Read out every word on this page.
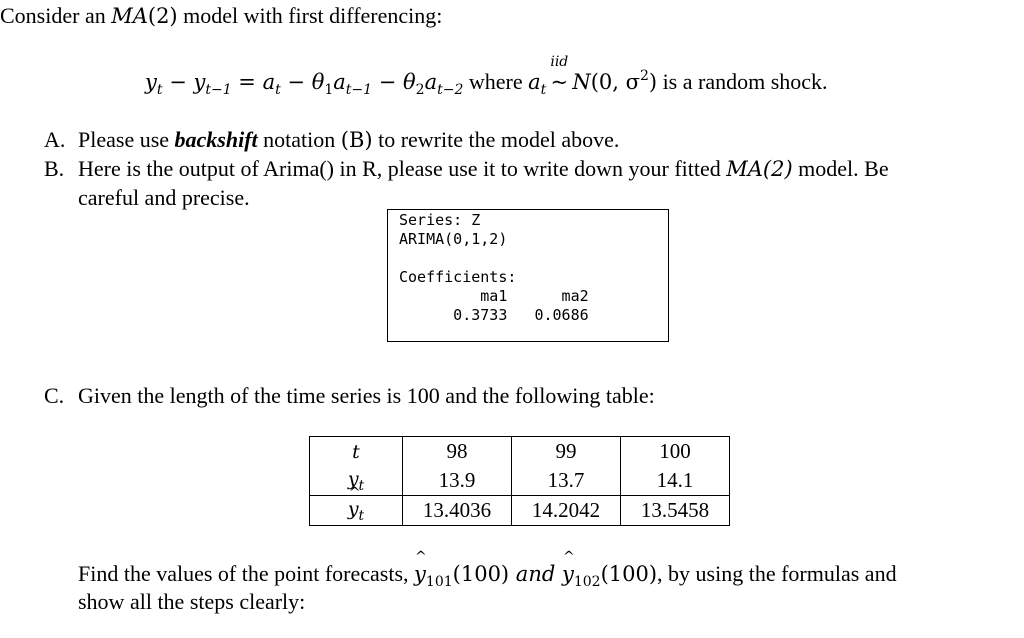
Consider an MA(2) model with first differencing:
$y_t - y_{t-1} = a_t - \theta_1a_{t-1} - \theta_2a_{t-2}$ where $a_t$
iid
~ N(0, $\sigma^2$) is a random shock.
A. Please use backshift notation (B) to rewrite the model above.
B. Here is the output of Arima() in R, please use it to write down your fitted MA(2) model. Be
careful and precise.
Series: Z
ARIMA(0,1,2)
Coefficients:
ma1      ma2
0.3733   0.0686
C. Given the length of the time series is 100 and the following table:
t	98	99	100
$y_t$	13.9	13.7	14.1
^ $y_t$	13.4036	14.2042	13.5458
Find the values of the point forecasts, ^ $y_{101}(100)$ and ^ $y_{102}(100)$, by using the formulas and
show all the steps clearly:
